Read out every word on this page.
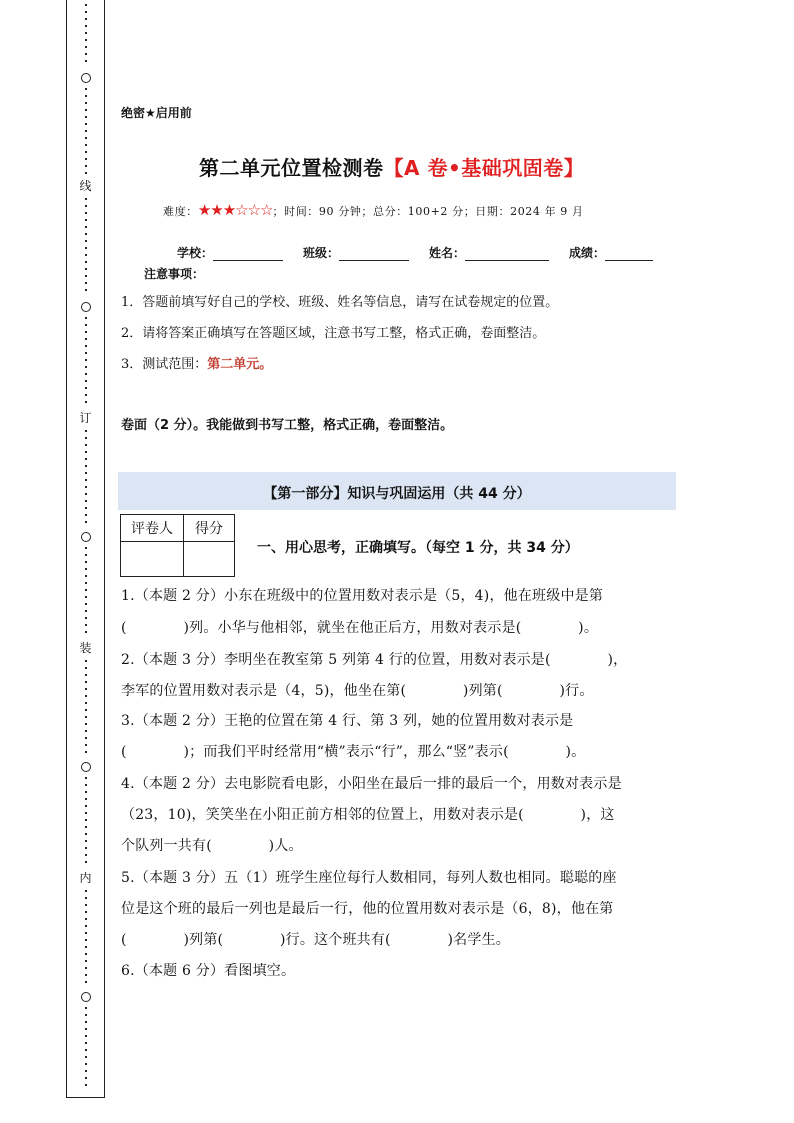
线
订
装
内
绝密★启用前
第二单元位置检测卷【A 卷•基础巩固卷】
难度：★★★☆☆☆；时间：90 分钟；总分：100+2 分；日期：2024 年 9 月
学校：	班级：	姓名：	成绩：
注意事项：
1．答题前填写好自己的学校、班级、姓名等信息，请写在试卷规定的位置。
2．请将答案正确填写在答题区域，注意书写工整，格式正确，卷面整洁。
3．测试范围：第二单元。
卷面（2 分）。我能做到书写工整，格式正确，卷面整洁。
【第一部分】知识与巩固运用（共 44 分）
评卷人	得分

一、用心思考，正确填写。（每空 1 分，共 34 分）
1.（本题 2 分）小东在班级中的位置用数对表示是（5，4)，他在班级中是第
(　　　　)列。小华与他相邻，就坐在他正后方，用数对表示是(　　　　)。
2.（本题 3 分）李明坐在教室第 5 列第 4 行的位置，用数对表示是(　　　　)，
李军的位置用数对表示是（4，5)，他坐在第(　　　　)列第(　　　　)行。
3.（本题 2 分）王艳的位置在第 4 行、第 3 列，她的位置用数对表示是
(　　　　)；而我们平时经常用“横”表示“行”，那么“竖”表示(　　　　)。
4.（本题 2 分）去电影院看电影，小阳坐在最后一排的最后一个，用数对表示是
（23，10)，笑笑坐在小阳正前方相邻的位置上，用数对表示是(　　　　)，这
个队列一共有(　　　　)人。
5.（本题 3 分）五（1）班学生座位每行人数相同，每列人数也相同。聪聪的座
位是这个班的最后一列也是最后一行，他的位置用数对表示是（6，8)，他在第
(　　　　)列第(　　　　)行。这个班共有(　　　　)名学生。
6.（本题 6 分）看图填空。
